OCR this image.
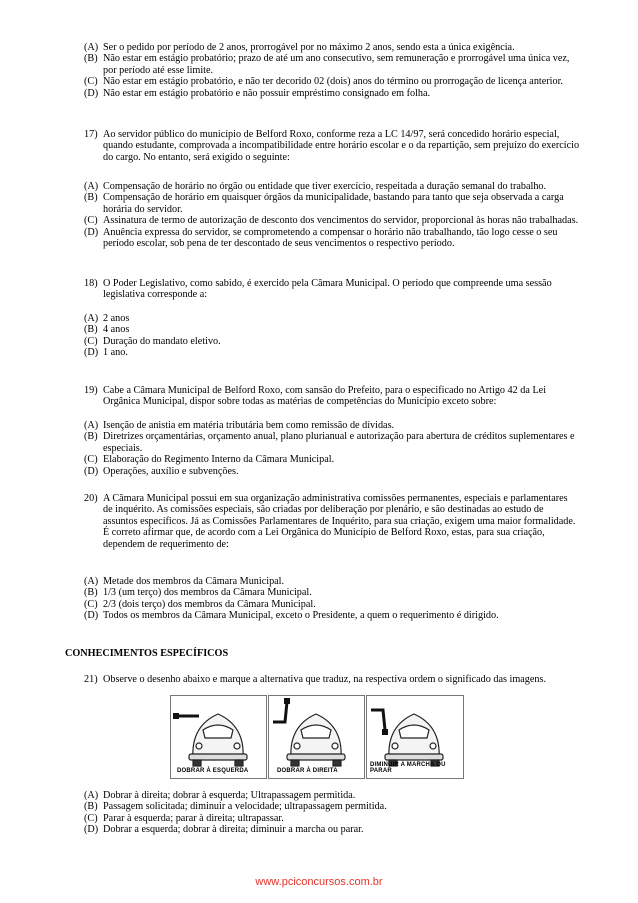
(A) Ser o pedido por período de 2 anos, prorrogável por no máximo 2 anos, sendo esta a única exigência.
(B) Não estar em estágio probatório; prazo de até um ano consecutivo, sem remuneração e prorrogável uma única vez,
por período até esse limite.
(C) Não estar em estágio probatório, e não ter decorido 02 (dois) anos do término ou prorrogação de licença anterior.
(D) Não estar em estágio probatório e não possuir empréstimo consignado em folha.
17) Ao servidor público do município de Belford Roxo, conforme reza a LC 14/97, será concedido horário especial,
quando estudante, comprovada a incompatibilidade entre horário escolar e o da repartição, sem prejuízo do exercício
do cargo. No entanto, será exigido o seguinte:
(A) Compensação de horário no órgão ou entidade que tiver exercício, respeitada a duração semanal do trabalho.
(B) Compensação de horário em quaisquer órgãos da municipalidade, bastando para tanto que seja observada a carga
horária do servidor.
(C) Assinatura de termo de autorização de desconto dos vencimentos do servidor, proporcional às horas não trabalhadas.
(D) Anuência expressa do servidor, se comprometendo a compensar o horário não trabalhando, tão logo cesse o seu
período escolar, sob pena de ter descontado de seus vencimentos o respectivo período.
18) O Poder Legislativo, como sabido, é exercido pela Câmara Municipal. O período que compreende uma sessão
legislativa corresponde a:
(A) 2 anos
(B) 4 anos
(C) Duração do mandato eletivo.
(D) 1 ano.
19) Cabe a Câmara Municipal de Belford Roxo, com sansão do Prefeito, para o especificado no Artigo 42 da Lei
Orgânica Municipal, dispor sobre todas as matérias de competências do Município exceto sobre:
(A) Isenção de anistia em matéria tributária bem como remissão de dívidas.
(B) Diretrizes orçamentárias, orçamento anual, plano plurianual e autorização para abertura de créditos suplementares e
especiais.
(C) Elaboração do Regimento Interno da Câmara Municipal.
(D) Operações, auxílio e subvenções.
20) A Câmara Municipal possui em sua organização administrativa comissões permanentes, especiais e parlamentares
de inquérito. As comissões especiais, são criadas por deliberação por plenário, e são destinadas ao estudo de
assuntos específicos. Já as Comissões Parlamentares de Inquérito, para sua criação, exigem uma maior formalidade.
É correto afirmar que, de acordo com a Lei Orgânica do Município de Belford Roxo, estas, para sua criação,
dependem de requerimento de:
(A) Metade dos membros da Câmara Municipal.
(B) 1/3 (um terço) dos membros da Câmara Municipal.
(C) 2/3 (dois terço) dos membros da Câmara Municipal.
(D) Todos os membros da Câmara Municipal, exceto o Presidente, a quem o requerimento é dirigido.
CONHECIMENTOS ESPECÍFICOS
21) Observe o desenho abaixo e marque a alternativa que traduz, na respectiva ordem o significado das imagens.
DOBRAR À ESQUERDA	DOBRAR À DIREITA
DIMINUIR A MARCHA OU PARAR
(A) Dobrar à direita; dobrar à esquerda; Ultrapassagem permitida.
(B) Passagem solicitada; diminuir a velocidade; ultrapassagem permitida.
(C) Parar à esquerda; parar à direita; ultrapassar.
(D) Dobrar a esquerda; dobrar à direita; diminuir a marcha ou parar.
www.pciconcursos.com.br
